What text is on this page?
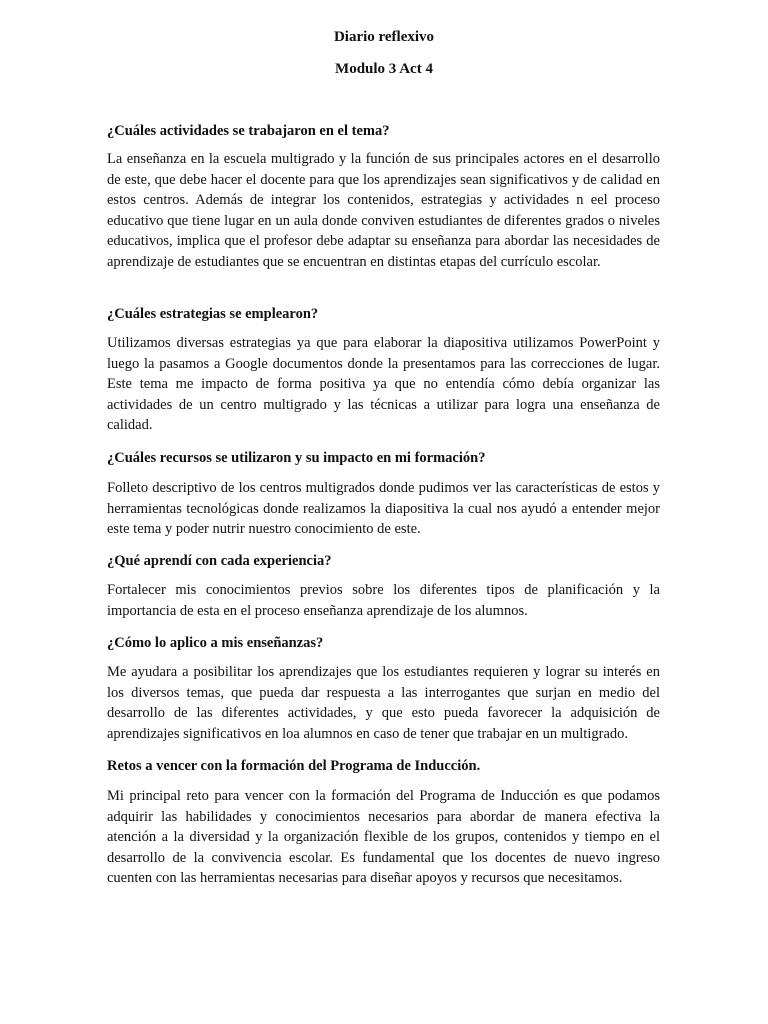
Diario reflexivo
Modulo 3 Act 4
¿Cuáles actividades se trabajaron en el tema?
La enseñanza en la escuela multigrado y la función de sus principales actores en el desarrollo de este, que debe hacer el docente para que los aprendizajes sean significativos y de calidad en estos centros. Además de integrar los contenidos, estrategias y actividades n eel proceso educativo que tiene lugar en un aula donde conviven estudiantes de diferentes grados o niveles educativos, implica que el profesor debe adaptar su enseñanza para abordar las necesidades de aprendizaje de estudiantes que se encuentran en distintas etapas del currículo escolar.
¿Cuáles estrategias se emplearon?
Utilizamos diversas estrategias ya que para elaborar la diapositiva utilizamos PowerPoint y luego la pasamos a Google documentos donde la presentamos para las correcciones de lugar. Este tema me impacto de forma positiva ya que no entendía cómo debía organizar las actividades de un centro multigrado y las técnicas a utilizar para logra una enseñanza de calidad.
¿Cuáles recursos se utilizaron y su impacto en mi formación?
Folleto descriptivo de los centros multigrados donde pudimos ver las características de estos y herramientas tecnológicas donde realizamos la diapositiva la cual nos ayudó a entender mejor este tema y poder nutrir nuestro conocimiento de este.
¿Qué aprendí con cada experiencia?
Fortalecer mis conocimientos previos sobre los diferentes tipos de planificación y la importancia de esta en el proceso enseñanza aprendizaje de los alumnos.
¿Cómo lo aplico a mis enseñanzas?
Me ayudara a posibilitar los aprendizajes que los estudiantes requieren y lograr su interés en los diversos temas, que pueda dar respuesta a las interrogantes que surjan en medio del desarrollo de las diferentes actividades, y que esto pueda favorecer la adquisición de aprendizajes significativos en loa alumnos en caso de tener que trabajar en un multigrado.
Retos a vencer con la formación del Programa de Inducción.
Mi principal reto para vencer con la formación del Programa de Inducción es que podamos adquirir las habilidades y conocimientos necesarios para abordar de manera efectiva la atención a la diversidad y la organización flexible de los grupos, contenidos y tiempo en el desarrollo de la convivencia escolar. Es fundamental que los docentes de nuevo ingreso cuenten con las herramientas necesarias para diseñar apoyos y recursos que necesitamos.
